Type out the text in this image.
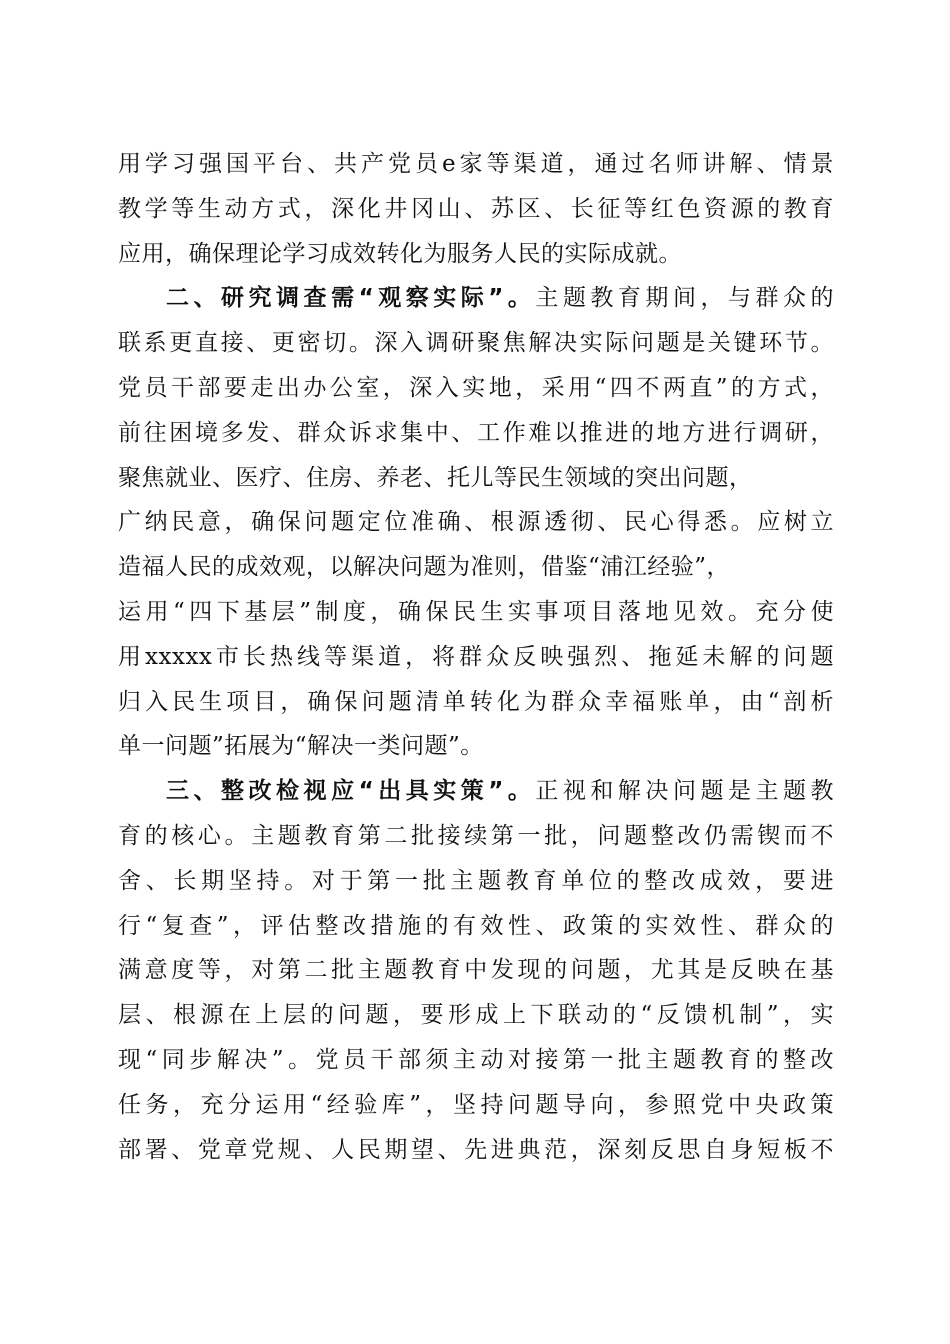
用学习强国平台、共产党员e家等渠道，通过名师讲解、情景
教学等生动方式，深化井冈山、苏区、长征等红色资源的教育
应用，确保理论学习成效转化为服务人民的实际成就。
二、研究调查需“观察实际”。主题教育期间，与群众的
联系更直接、更密切。深入调研聚焦解决实际问题是关键环节。
党员干部要走出办公室，深入实地，采用“四不两直”的方式，
前往困境多发、群众诉求集中、工作难以推进的地方进行调研，
聚焦就业、医疗、住房、养老、托儿等民生领域的突出问题，
广纳民意，确保问题定位准确、根源透彻、民心得悉。应树立
造福人民的成效观，以解决问题为准则，借鉴“浦江经验”，
运用“四下基层”制度，确保民生实事项目落地见效。充分使
用xxxxx市长热线等渠道，将群众反映强烈、拖延未解的问题
归入民生项目，确保问题清单转化为群众幸福账单，由“剖析
单一问题”拓展为“解决一类问题”。
三、整改检视应“出具实策”。正视和解决问题是主题教
育的核心。主题教育第二批接续第一批，问题整改仍需锲而不
舍、长期坚持。对于第一批主题教育单位的整改成效，要进
行“复查”，评估整改措施的有效性、政策的实效性、群众的
满意度等，对第二批主题教育中发现的问题，尤其是反映在基
层、根源在上层的问题，要形成上下联动的“反馈机制”，实
现“同步解决”。党员干部须主动对接第一批主题教育的整改
任务，充分运用“经验库”，坚持问题导向，参照党中央政策
部署、党章党规、人民期望、先进典范，深刻反思自身短板不
